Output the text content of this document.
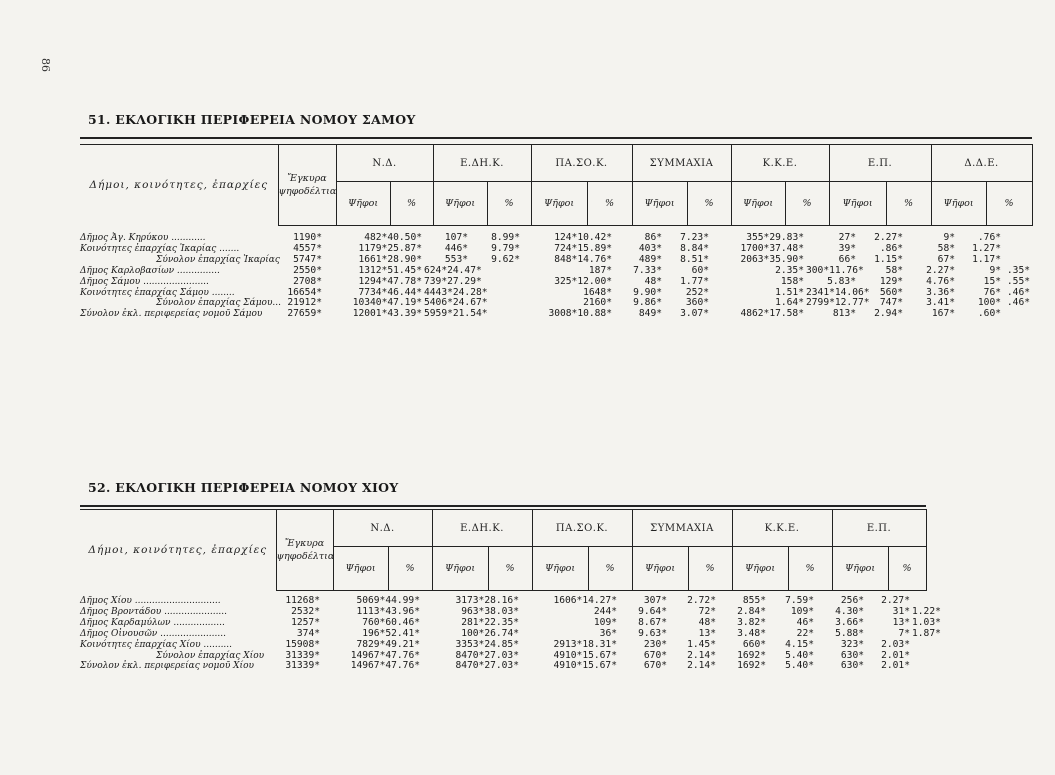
86
51. ΕΚΛΟΓΙΚΗ ΠΕΡΙΦΕΡΕΙΑ ΝΟΜΟΥ ΣΑΜΟΥ
Δήμοι, κοινότητες, ἐπαρχίες	Ἔγκυρα ψηφοδέλτια	Ν.Δ.		Ε.ΔΗ.Κ.		ΠΑ.ΣΟ.Κ.		ΣΥΜΜΑΧΙΑ		Κ.Κ.Ε.		Ε.Π.		Δ.Δ.Ε.	
		Ψῆφοι	%	Ψῆφοι	%	Ψῆφοι	%	Ψῆφοι	%	Ψῆφοι	%	Ψῆφοι	%	Ψῆφοι	%
Δῆμος Ἀγ. Κηρύκου ............	1190*	482*40.50*	107*	8.99*	124*10.42*	86*	7.23*	355*29.83*	27*	2.27*	9*	.76*	
Κοινότητες ἐπαρχίας Ἰκαρίας .......	4557*	1179*25.87*	446*	9.79*	724*15.89*	403*	8.84*	1700*37.48*	39*	.86*	58*	1.27*	
Σύνολον ἐπαρχίας Ἰκαρίας	5747*	1661*28.90*	553*	9.62*	848*14.76*	489*	8.51*	2063*35.90*	66*	1.15*	67*	1.17*	
Δῆμος Καρλοβασίων ...............	2550*	1312*51.45*	624*24.47*		187*	7.33*	60*	2.35*	300*11.76*	58*	2.27*	9*	.35*
Δῆμος Σάμου .......................	2708*	1294*47.78*	739*27.29*		325*12.00*	48*	1.77*	158*	5.83*	129*	4.76*	15*	.55*
Κοινότητες ἐπαρχίας Σάμου ........	16654*	7734*46.44*	4443*24.28*		1648*	9.90*	252*	1.51*	2341*14.06*	560*	3.36*	76*	.46*
Σύνολον ἐπαρχίας Σάμου...	21912*	10340*47.19*	5406*24.67*		2160*	9.86*	360*	1.64*	2799*12.77*	747*	3.41*	100*	.46*
Σύνολον ἐκλ. περιφερείας νομοῦ Σάμου	27659*	12001*43.39*	5959*21.54*		3008*10.88*	849*	3.07*	4862*17.58*	813*	2.94*	167*	.60*	
52. ΕΚΛΟΓΙΚΗ ΠΕΡΙΦΕΡΕΙΑ ΝΟΜΟΥ ΧΙΟΥ
Δήμοι, κοινότητες, ἐπαρχίες	Ἔγκυρα ψηφοδέλτια	Ν.Δ.		Ε.ΔΗ.Κ.		ΠΑ.ΣΟ.Κ.		ΣΥΜΜΑΧΙΑ		Κ.Κ.Ε.		Ε.Π.	
		Ψῆφοι	%	Ψῆφοι	%	Ψῆφοι	%	Ψῆφοι	%	Ψῆφοι	%	Ψῆφοι	%
Δῆμος Χίου ..............................	11268*	5069*44.99*	3173*28.16*	1606*14.27*	307*	2.72*	855*	7.59*	256*	2.27*	
Δῆμος Βροντάδου ......................	2532*	1113*43.96*	963*38.03*	244*	9.64*	72*	2.84*	109*	4.30*	31*	1.22*
Δῆμος Καρδαμύλων ..................	1257*	760*60.46*	281*22.35*	109*	8.67*	48*	3.82*	46*	3.66*	13*	1.03*
Δῆμος Οἰνουσῶν .......................	374*	196*52.41*	100*26.74*	36*	9.63*	13*	3.48*	22*	5.88*	7*	1.87*
Κοινότητες ἐπαρχίας Χίου ..........	15908*	7829*49.21*	3353*24.85*	2913*18.31*	230*	1.45*	660*	4.15*	323*	2.03*	
Σύνολον ἐπαρχίας Χίου	31339*	14967*47.76*	8470*27.03*	4910*15.67*	670*	2.14*	1692*	5.40*	630*	2.01*	
Σύνολον ἐκλ. περιφερείας νομοῦ Χίου	31339*	14967*47.76*	8470*27.03*	4910*15.67*	670*	2.14*	1692*	5.40*	630*	2.01*	
